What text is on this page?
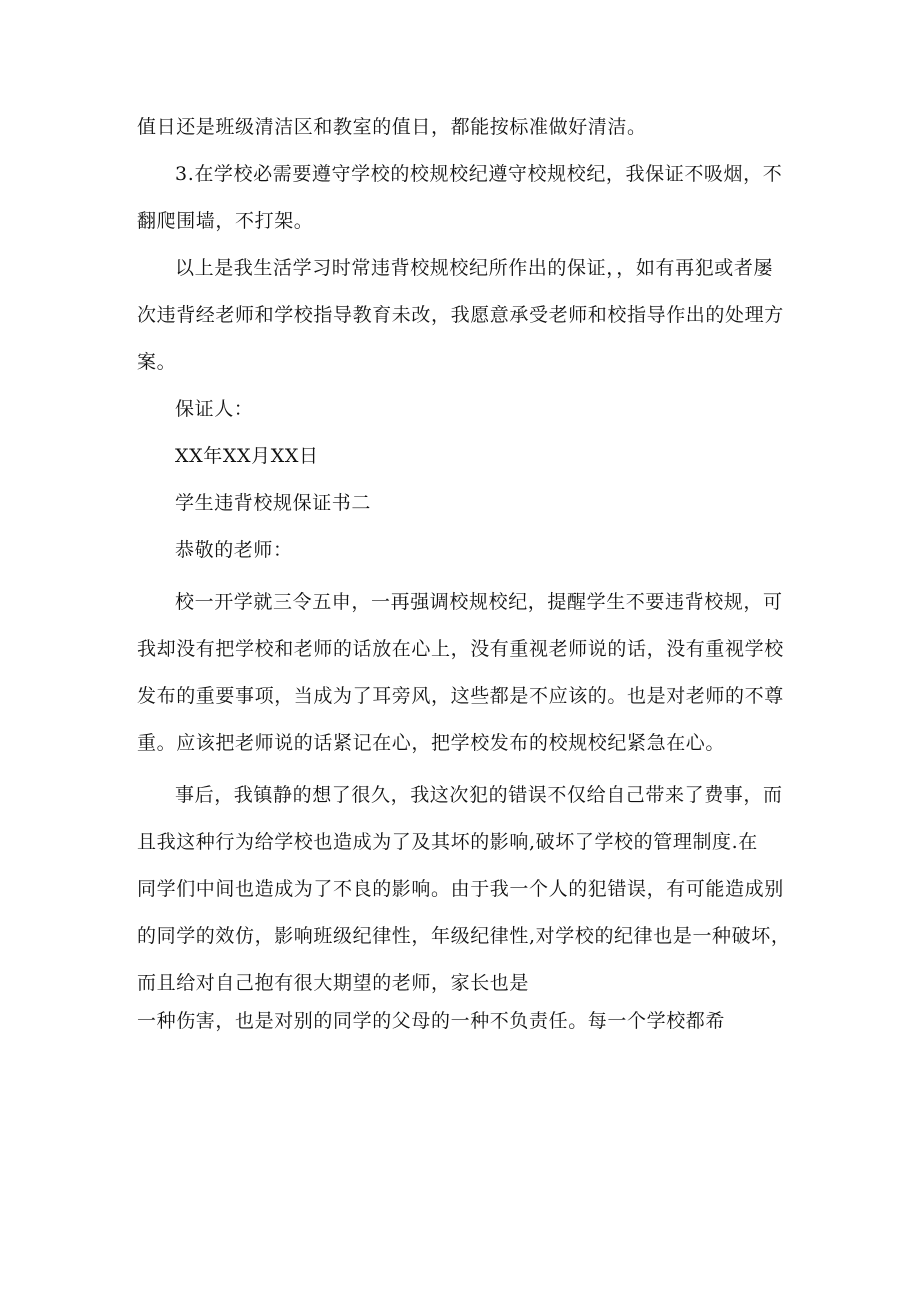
值日还是班级清洁区和教室的值日，都能按标准做好清洁。
3.在学校必需要遵守学校的校规校纪遵守校规校纪，我保证不吸烟，不
翻爬围墙，不打架。
以上是我生活学习时常违背校规校纪所作出的保证，，如有再犯或者屡
次违背经老师和学校指导教育未改，我愿意承受老师和校指导作出的处理方
案。
保证人：
XX年XX月XX日
学生违背校规保证书二
恭敬的老师：
校一开学就三令五申，一再强调校规校纪，提醒学生不要违背校规，可
我却没有把学校和老师的话放在心上，没有重视老师说的话，没有重视学校
发布的重要事项，当成为了耳旁风，这些都是不应该的。也是对老师的不尊
重。应该把老师说的话紧记在心，把学校发布的校规校纪紧急在心。
事后，我镇静的想了很久，我这次犯的错误不仅给自己带来了费事，而
且我这种行为给学校也造成为了及其坏的影响,破坏了学校的管理制度.在
同学们中间也造成为了不良的影响。由于我一个人的犯错误，有可能造成别
的同学的效仿，影响班级纪律性，年级纪律性,对学校的纪律也是一种破坏，
而且给对自己抱有很大期望的老师，家长也是
一种伤害，也是对别的同学的父母的一种不负责任。每一个学校都希
